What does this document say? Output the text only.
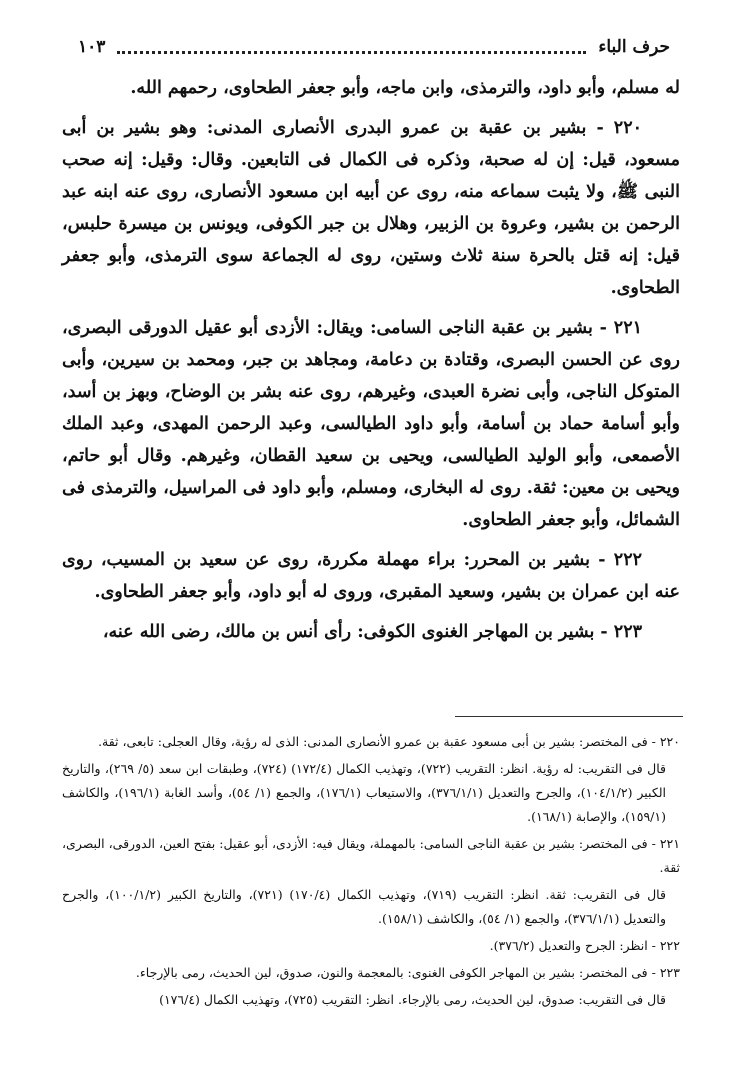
حرف الباء
١٠٣

له مسلم، وأبو داود، والترمذى، وابن ماجه، وأبو جعفر الطحاوى، رحمهم الله.

٢٢٠ - بشير بن عقبة بن عمرو البدرى الأنصارى المدنى: وهو بشير بن أبى مسعود، قيل: إن له صحبة، وذكره فى الكمال فى التابعين. وقال: وقيل: إنه صحب النبى ﷺ، ولا يثبت سماعه منه، روى عن أبيه ابن مسعود الأنصارى، روى عنه ابنه عبد الرحمن بن بشير، وعروة بن الزبير، وهلال بن جبر الكوفى، ويونس بن ميسرة حلبس، قيل: إنه قتل بالحرة سنة ثلاث وستين، روى له الجماعة سوى الترمذى، وأبو جعفر الطحاوى.

٢٢١ - بشير بن عقبة الناجى السامى: ويقال: الأزدى أبو عقيل الدورقى البصرى، روى عن الحسن البصرى، وقتادة بن دعامة، ومجاهد بن جبر، ومحمد بن سيرين، وأبى المتوكل الناجى، وأبى نضرة العبدى، وغيرهم، روى عنه بشر بن الوضاح، وبهز بن أسد، وأبو أسامة حماد بن أسامة، وأبو داود الطيالسى، وعبد الرحمن المهدى، وعبد الملك الأصمعى، وأبو الوليد الطيالسى، ويحيى بن سعيد القطان، وغيرهم. وقال أبو حاتم، ويحيى بن معين: ثقة. روى له البخارى، ومسلم، وأبو داود فى المراسيل، والترمذى فى الشمائل، وأبو جعفر الطحاوى.

٢٢٢ - بشير بن المحرر: براء مهملة مكررة، روى عن سعيد بن المسيب، روى عنه ابن عمران بن بشير، وسعيد المقبرى، وروى له أبو داود، وأبو جعفر الطحاوى.

٢٢٣ - بشير بن المهاجر الغنوى الكوفى: رأى أنس بن مالك، رضى الله عنه،

٢٢٠ - فى المختصر: بشير بن أبى مسعود عقبة بن عمرو الأنصارى المدنى: الذى له رؤية، وقال العجلى: تابعى، ثقة.

قال فى التقريب: له رؤية. انظر: التقريب (٧٢٢)، وتهذيب الكمال (١٧٢/٤) (٧٢٤)، وطبقات ابن سعد (٥/ ٢٦٩)، والتاريخ الكبير (١٠٤/١/٢)، والجرح والتعديل (٣٧٦/١/١)، والاستيعاب (١٧٦/١)، والجمع (١/ ٥٤)، وأسد الغابة (١٩٦/١)، والكاشف (١٥٩/١)، والإصابة (١٦٨/١).

٢٢١ - فى المختصر: بشير بن عقبة الناجى السامى: بالمهملة، ويقال فيه: الأزدى، أبو عقيل: بفتح العين، الدورقى، البصرى، ثقة.

قال فى التقريب: ثقة. انظر: التقريب (٧١٩)، وتهذيب الكمال (١٧٠/٤) (٧٢١)، والتاريخ الكبير (١٠٠/١/٢)، والجرح والتعديل (٣٧٦/١/١)، والجمع (١/ ٥٤)، والكاشف (١٥٨/١).

٢٢٢ - انظر: الجرح والتعديل (٣٧٦/٢).

٢٢٣ - فى المختصر: بشير بن المهاجر الكوفى الغنوى: بالمعجمة والنون، صدوق، لين الحديث، رمى بالإرجاء.

قال فى التقريب: صدوق، لين الحديث، رمى بالإرجاء. انظر: التقريب (٧٢٥)، وتهذيب الكمال (١٧٦/٤)
